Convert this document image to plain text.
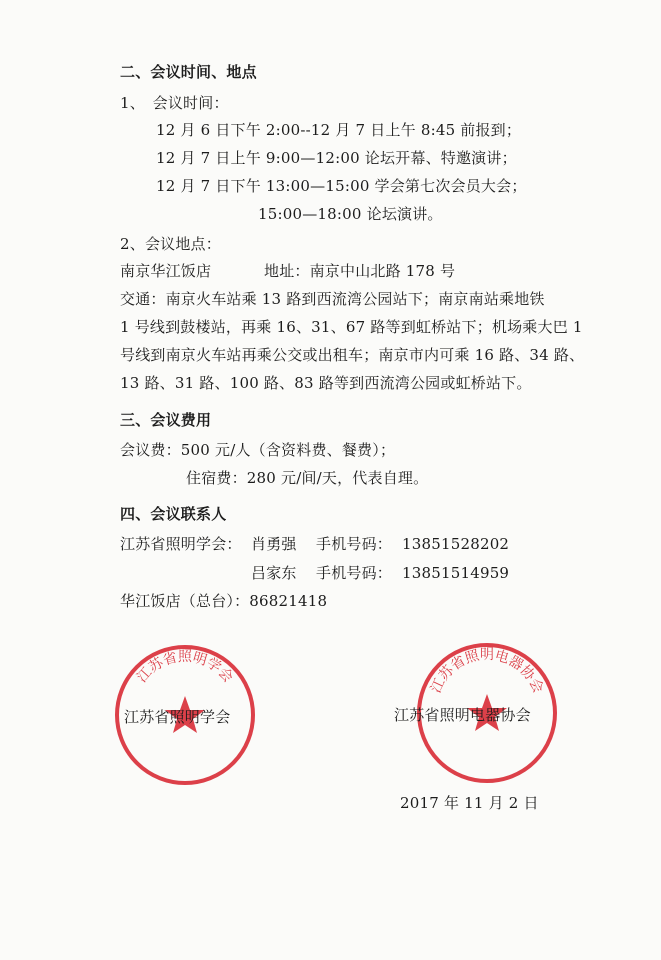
二、会议时间、地点
1、　会议时间：
12 月 6 日下午 2:00--12 月 7 日上午 8:45 前报到；
12 月 7 日上午 9:00—12:00 论坛开幕、特邀演讲；
12 月 7 日下午 13:00—15:00 学会第七次会员大会；
15:00—18:00 论坛演讲。
2、会议地点：
南京华江饭店	地址：南京中山北路 178 号
交通：南京火车站乘 13 路到西流湾公园站下；南京南站乘地铁
1 号线到鼓楼站，再乘 16、31、67 路等到虹桥站下；机场乘大巴 1
号线到南京火车站再乘公交或出租车；南京市内可乘 16 路、34 路、
13 路、31 路、100 路、83 路等到西流湾公园或虹桥站下。
三、会议费用
会议费：500 元/人（含资料费、餐费）；
住宿费：280 元/间/天，代表自理。
四、会议联系人
江苏省照明学会： 肖勇强 手机号码： 13851528202
吕家东 手机号码： 13851514959
华江饭店（总台）：86821418
江苏省照明学会
江苏省照明电器协会
江苏省照明学会	江苏省照明电器协会
2017 年 11 月 2 日
